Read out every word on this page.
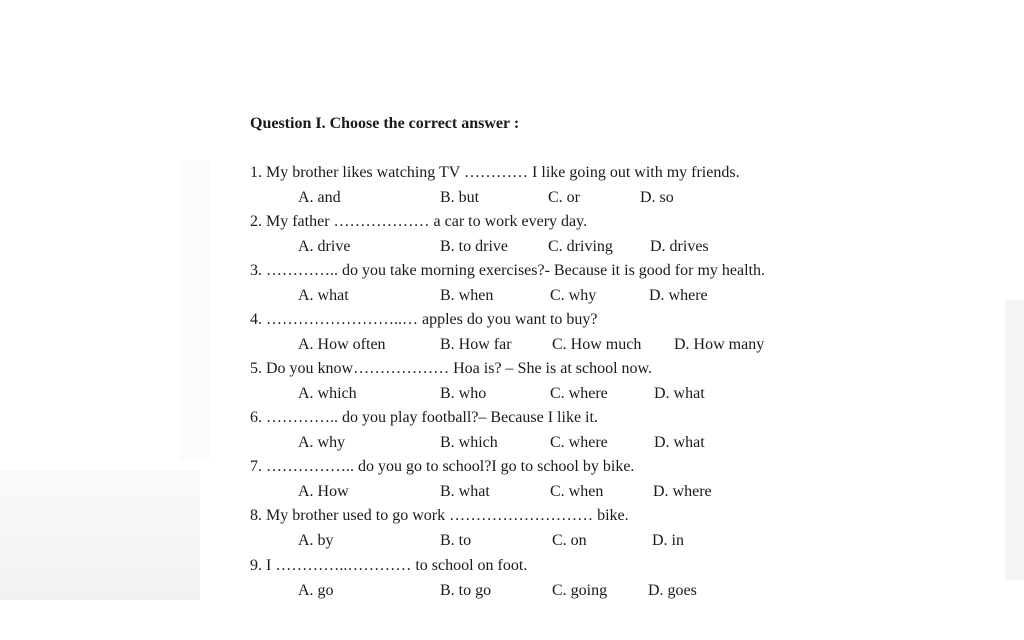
Question I. Choose the correct answer :
1. My brother likes watching TV ………… I like going out with my friends.
A. and	B. but	C. or	D. so
2. My father ……………… a car to work every day.
A. drive	B. to drive	C. driving D. drives
3. ………….. do you take morning exercises?- Because it is good for my health.
A. what	B. when	C. why	D. where
4. ……………………..… apples do you want to buy?
A. How often	B. How far	C. How much D. How many
5. Do you know……………… Hoa is? – She is at school now.
A. which	B. who	C. where	D. what
6. ………….. do you play football?– Because I like it.
A. why	B. which	C. where	D. what
7. …………….. do you go to school?I go to school by bike.
A. How	B. what	C. when	D. where
8. My brother used to go work ……………………… bike.
A. by	B. to	C. on	D. in
9. I …………..………… to school on foot.
A. go	B. to go	C. going	D. goes
